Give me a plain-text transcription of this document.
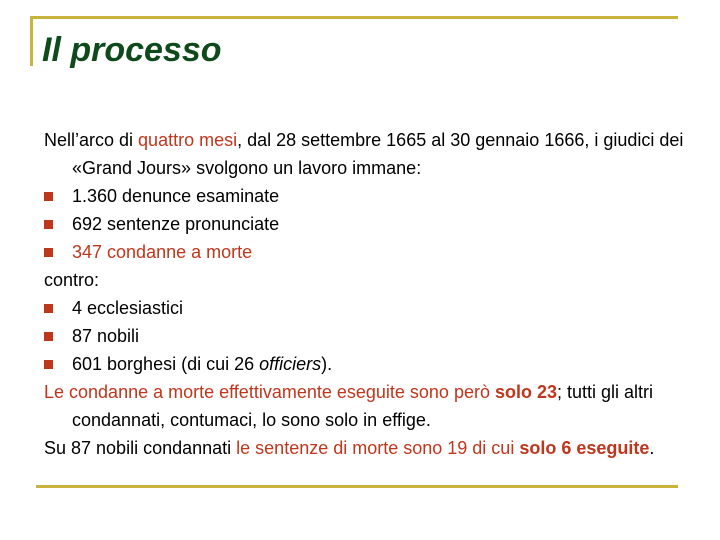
Il processo

Nell’arco di quattro mesi, dal 28 settembre 1665 al 30 gennaio 1666, i giudici dei «Grand Jours» svolgono un lavoro immane:

1.360 denunce esaminate
692 sentenze pronunciate
347 condanne a morte

contro:

4 ecclesiastici
87 nobili
601 borghesi (di cui 26 officiers).

Le condanne a morte effettivamente eseguite sono però solo 23; tutti gli altri condannati, contumaci, lo sono solo in effige.

Su 87 nobili condannati le sentenze di morte sono 19 di cui solo 6 eseguite.
